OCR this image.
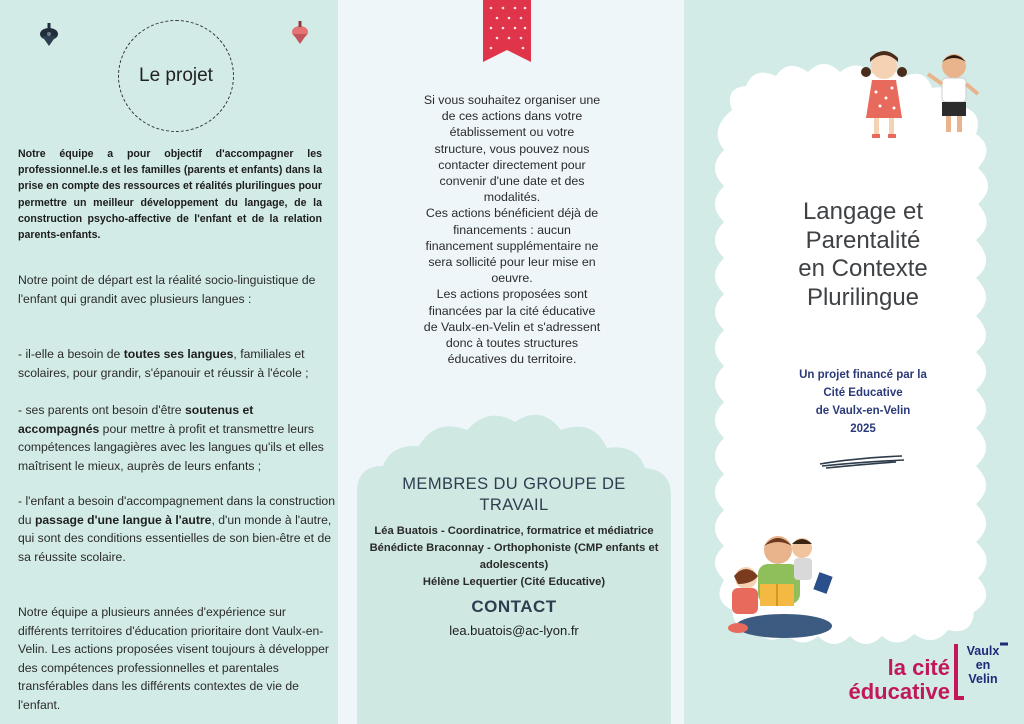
Le projet

Notre équipe a pour objectif d'accompagner les professionnel.le.s et les familles (parents et enfants) dans la prise en compte des ressources et réalités plurilingues pour permettre un meilleur développement du langage, de la construction psycho-affective de l'enfant et de la relation parents-enfants.

Notre point de départ est la réalité socio-linguistique de l'enfant qui grandit avec plusieurs langues :

- il-elle a besoin de toutes ses langues, familiales et scolaires, pour grandir, s'épanouir et réussir à l'école ;

- ses parents ont besoin d'être soutenus et accompagnés pour mettre à profit et transmettre leurs compétences langagières avec les langues qu'ils et elles maîtrisent le mieux, auprès de leurs enfants ;

- l'enfant a besoin d'accompagnement dans la construction du passage d'une langue à l'autre, d'un monde à l'autre, qui sont des conditions essentielles de son bien-être et de sa réussite scolaire.

Notre équipe a plusieurs années d'expérience sur différents territoires d'éducation prioritaire dont Vaulx-en-Velin. Les actions proposées visent toujours à développer des compétences professionnelles et parentales transférables dans les différents contextes de vie de l'enfant.

Si vous souhaitez organiser une
de ces actions dans votre
établissement ou votre
structure, vous pouvez nous
contacter directement pour
convenir d'une date et des
modalités.
Ces actions bénéficient déjà de
financements : aucun
financement supplémentaire ne
sera sollicité pour leur mise en
oeuvre.
Les actions proposées sont
financées par la cité éducative
de Vaulx-en-Velin et s'adressent
donc à toutes structures
éducatives du territoire.
MEMBRES DU GROUPE DE TRAVAIL
Léa Buatois - Coordinatrice, formatrice et médiatrice
Bénédicte Braconnay - Orthophoniste (CMP enfants et adolescents)
Hélène Lequertier (Cité Educative)
CONTACT
lea.buatois@ac-lyon.fr
Langage et
Parentalité
en Contexte
Plurilingue
Un projet financé par la
Cité Educative
de Vaulx-en-Velin
2025
la cité
éducative
Vaulx
en
Velin
